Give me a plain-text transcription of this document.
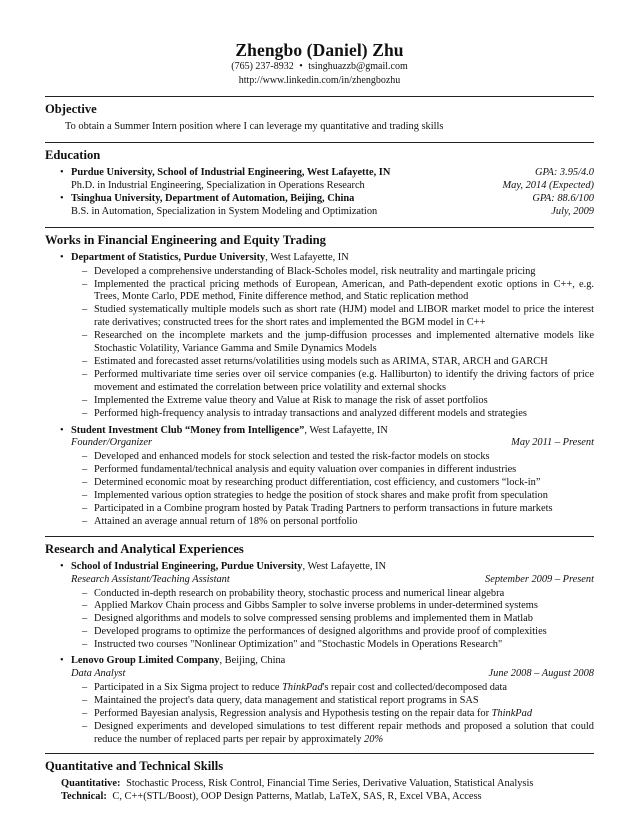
Zhengbo (Daniel) Zhu
(765) 237-8932 • tsinghuazzb@gmail.com
http://www.linkedin.com/in/zhengbozhu
Objective
To obtain a Summer Intern position where I can leverage my quantitative and trading skills
Education
• Purdue University, School of Industrial Engineering, West Lafayette, IN	GPA: 3.95/4.0
Ph.D. in Industrial Engineering, Specialization in Operations Research	May, 2014 (Expected)
• Tsinghua University, Department of Automation, Beijing, China	GPA: 88.6/100
B.S. in Automation, Specialization in System Modeling and Optimization	July, 2009
Works in Financial Engineering and Equity Trading
• Department of Statistics, Purdue University, West Lafayette, IN
– Developed a comprehensive understanding of Black-Scholes model, risk neutrality and martingale pricing
– Implemented the practical pricing methods of European, American, and Path-dependent exotic options in C++, e.g. Trees, Monte Carlo, PDE method, Finite difference method, and Static replication method
– Studied systematically multiple models such as short rate (HJM) model and LIBOR market model to price the interest rate derivatives; constructed trees for the short rates and implemented the BGM model in C++
– Researched on the incomplete markets and the jump-diffusion processes and implemented alternative models like Stochastic Volatility, Variance Gamma and Smile Dynamics Models
– Estimated and forecasted asset returns/volatilities using models such as ARIMA, STAR, ARCH and GARCH
– Performed multivariate time series over oil service companies (e.g. Halliburton) to identify the driving factors of price movement and estimated the correlation between price volatility and external shocks
– Implemented the Extreme value theory and Value at Risk to manage the risk of asset portfolios
– Performed high-frequency analysis to intraday transactions and analyzed different models and strategies
• Student Investment Club “Money from Intelligence”, West Lafayette, IN
Founder/Organizer	May 2011 – Present
– Developed and enhanced models for stock selection and tested the risk-factor models on stocks
– Performed fundamental/technical analysis and equity valuation over companies in different industries
– Determined economic moat by researching product differentiation, cost efficiency, and customers “lock-in”
– Implemented various option strategies to hedge the position of stock shares and make profit from speculation
– Participated in a Combine program hosted by Patak Trading Partners to perform transactions in future markets
– Attained an average annual return of 18% on personal portfolio
Research and Analytical Experiences
• School of Industrial Engineering, Purdue University, West Lafayette, IN
Research Assistant/Teaching Assistant	September 2009 – Present
– Conducted in-depth research on probability theory, stochastic process and numerical linear algebra
– Applied Markov Chain process and Gibbs Sampler to solve inverse problems in under-determined systems
– Designed algorithms and models to solve compressed sensing problems and implemented them in Matlab
– Developed programs to optimize the performances of designed algorithms and provide proof of complexities
– Instructed two courses "Nonlinear Optimization" and "Stochastic Models in Operations Research"
• Lenovo Group Limited Company, Beijing, China
Data Analyst	June 2008 – August 2008
– Participated in a Six Sigma project to reduce ThinkPad's repair cost and collected/decomposed data
– Maintained the project's data query, data management and statistical report programs in SAS
– Performed Bayesian analysis, Regression analysis and Hypothesis testing on the repair data for ThinkPad
– Designed experiments and developed simulations to test different repair methods and proposed a solution that could reduce the number of replaced parts per repair by approximately 20%
Quantitative and Technical Skills
Quantitative: Stochastic Process, Risk Control, Financial Time Series, Derivative Valuation, Statistical Analysis
Technical: C, C++(STL/Boost), OOP Design Patterns, Matlab, LaTeX, SAS, R, Excel VBA, Access
